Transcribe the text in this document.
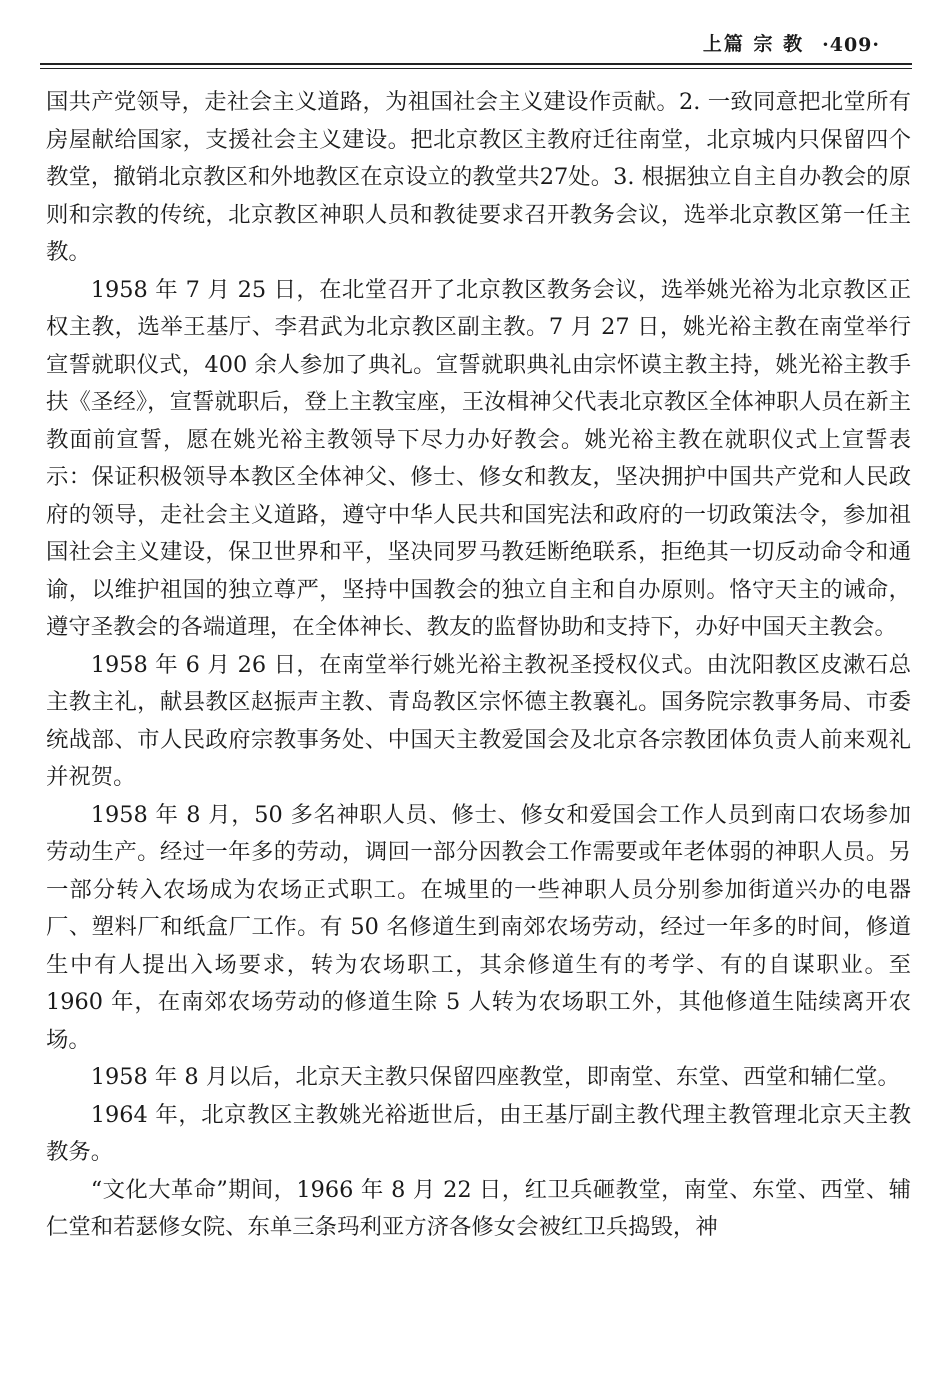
上篇 宗 教 ·409·

国共产党领导，走社会主义道路，为祖国社会主义建设作贡献。2. 一致同意把北堂所有房屋献给国家，支援社会主义建设。把北京教区主教府迁往南堂，北京城内只保留四个教堂，撤销北京教区和外地教区在京设立的教堂共27处。3. 根据独立自主自办教会的原则和宗教的传统，北京教区神职人员和教徒要求召开教务会议，选举北京教区第一任主教。

1958 年 7 月 25 日，在北堂召开了北京教区教务会议，选举姚光裕为北京教区正权主教，选举王基厅、李君武为北京教区副主教。7 月 27 日，姚光裕主教在南堂举行宣誓就职仪式，400 余人参加了典礼。宣誓就职典礼由宗怀谟主教主持，姚光裕主教手扶《圣经》，宣誓就职后，登上主教宝座，王汝楫神父代表北京教区全体神职人员在新主教面前宣誓，愿在姚光裕主教领导下尽力办好教会。姚光裕主教在就职仪式上宣誓表示：保证积极领导本教区全体神父、修士、修女和教友，坚决拥护中国共产党和人民政府的领导，走社会主义道路，遵守中华人民共和国宪法和政府的一切政策法令，参加祖国社会主义建设，保卫世界和平，坚决同罗马教廷断绝联系，拒绝其一切反动命令和通谕，以维护祖国的独立尊严，坚持中国教会的独立自主和自办原则。恪守天主的诫命，遵守圣教会的各端道理，在全体神长、教友的监督协助和支持下，办好中国天主教会。

1958 年 6 月 26 日，在南堂举行姚光裕主教祝圣授权仪式。由沈阳教区皮漱石总主教主礼，献县教区赵振声主教、青岛教区宗怀德主教襄礼。国务院宗教事务局、市委统战部、市人民政府宗教事务处、中国天主教爱国会及北京各宗教团体负责人前来观礼并祝贺。

1958 年 8 月，50 多名神职人员、修士、修女和爱国会工作人员到南口农场参加劳动生产。经过一年多的劳动，调回一部分因教会工作需要或年老体弱的神职人员。另一部分转入农场成为农场正式职工。在城里的一些神职人员分别参加街道兴办的电器厂、塑料厂和纸盒厂工作。有 50 名修道生到南郊农场劳动，经过一年多的时间，修道生中有人提出入场要求，转为农场职工，其余修道生有的考学、有的自谋职业。至 1960 年，在南郊农场劳动的修道生除 5 人转为农场职工外，其他修道生陆续离开农场。

1958 年 8 月以后，北京天主教只保留四座教堂，即南堂、东堂、西堂和辅仁堂。

1964 年，北京教区主教姚光裕逝世后，由王基厅副主教代理主教管理北京天主教教务。

“文化大革命”期间，1966 年 8 月 22 日，红卫兵砸教堂，南堂、东堂、西堂、辅仁堂和若瑟修女院、东单三条玛利亚方济各修女会被红卫兵捣毁，神
